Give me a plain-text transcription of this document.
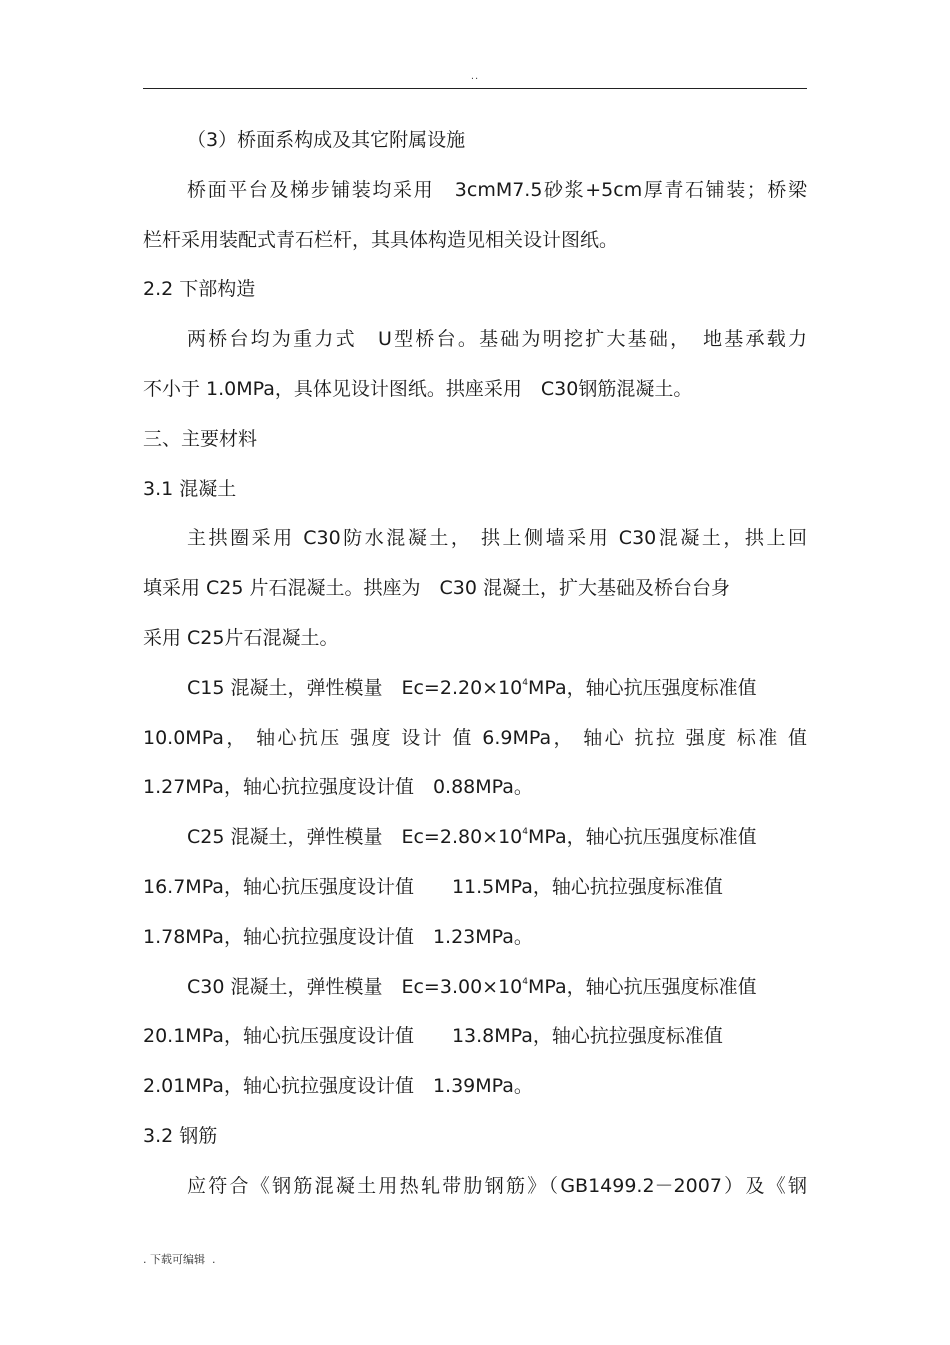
..
（3）桥面系构成及其它附属设施
桥面平台及梯步铺装均采用　3cmM7.5砂浆+5cm厚青石铺装；桥梁
栏杆采用装配式青石栏杆，其具体构造见相关设计图纸。
2.2 下部构造
两桥台均为重力式　U型桥台。基础为明挖扩大基础，　地基承载力
不小于 1.0MPa，具体见设计图纸。拱座采用　C30钢筋混凝土。
三、主要材料
3.1 混凝土
主拱圈采用 C30防水混凝土， 拱上侧墙采用 C30混凝土，拱上回
填采用 C25 片石混凝土。拱座为　C30 混凝土，扩大基础及桥台台身
采用 C25片石混凝土。
C15 混凝土，弹性模量　$Ec=2.20\times 10^4MPa$，轴心抗压强度标准值
10.0MPa， 轴心抗压 强度 设计 值 6.9MPa， 轴心 抗拉 强度 标准 值
1.27MPa，轴心抗拉强度设计值　0.88MPa。
C25 混凝土，弹性模量　$Ec=2.80\times 10^4MPa$，轴心抗压强度标准值
16.7MPa，轴心抗压强度设计值　　11.5MPa，轴心抗拉强度标准值
1.78MPa，轴心抗拉强度设计值　1.23MPa。
C30 混凝土，弹性模量　$Ec=3.00\times 10^4MPa$，轴心抗压强度标准值
20.1MPa，轴心抗压强度设计值　　13.8MPa，轴心抗拉强度标准值
2.01MPa，轴心抗拉强度设计值　1.39MPa。
3.2 钢筋
应符合《钢筋混凝土用热轧带肋钢筋》（GB1499.2－2007）及《钢
. 下载可编辑  .
